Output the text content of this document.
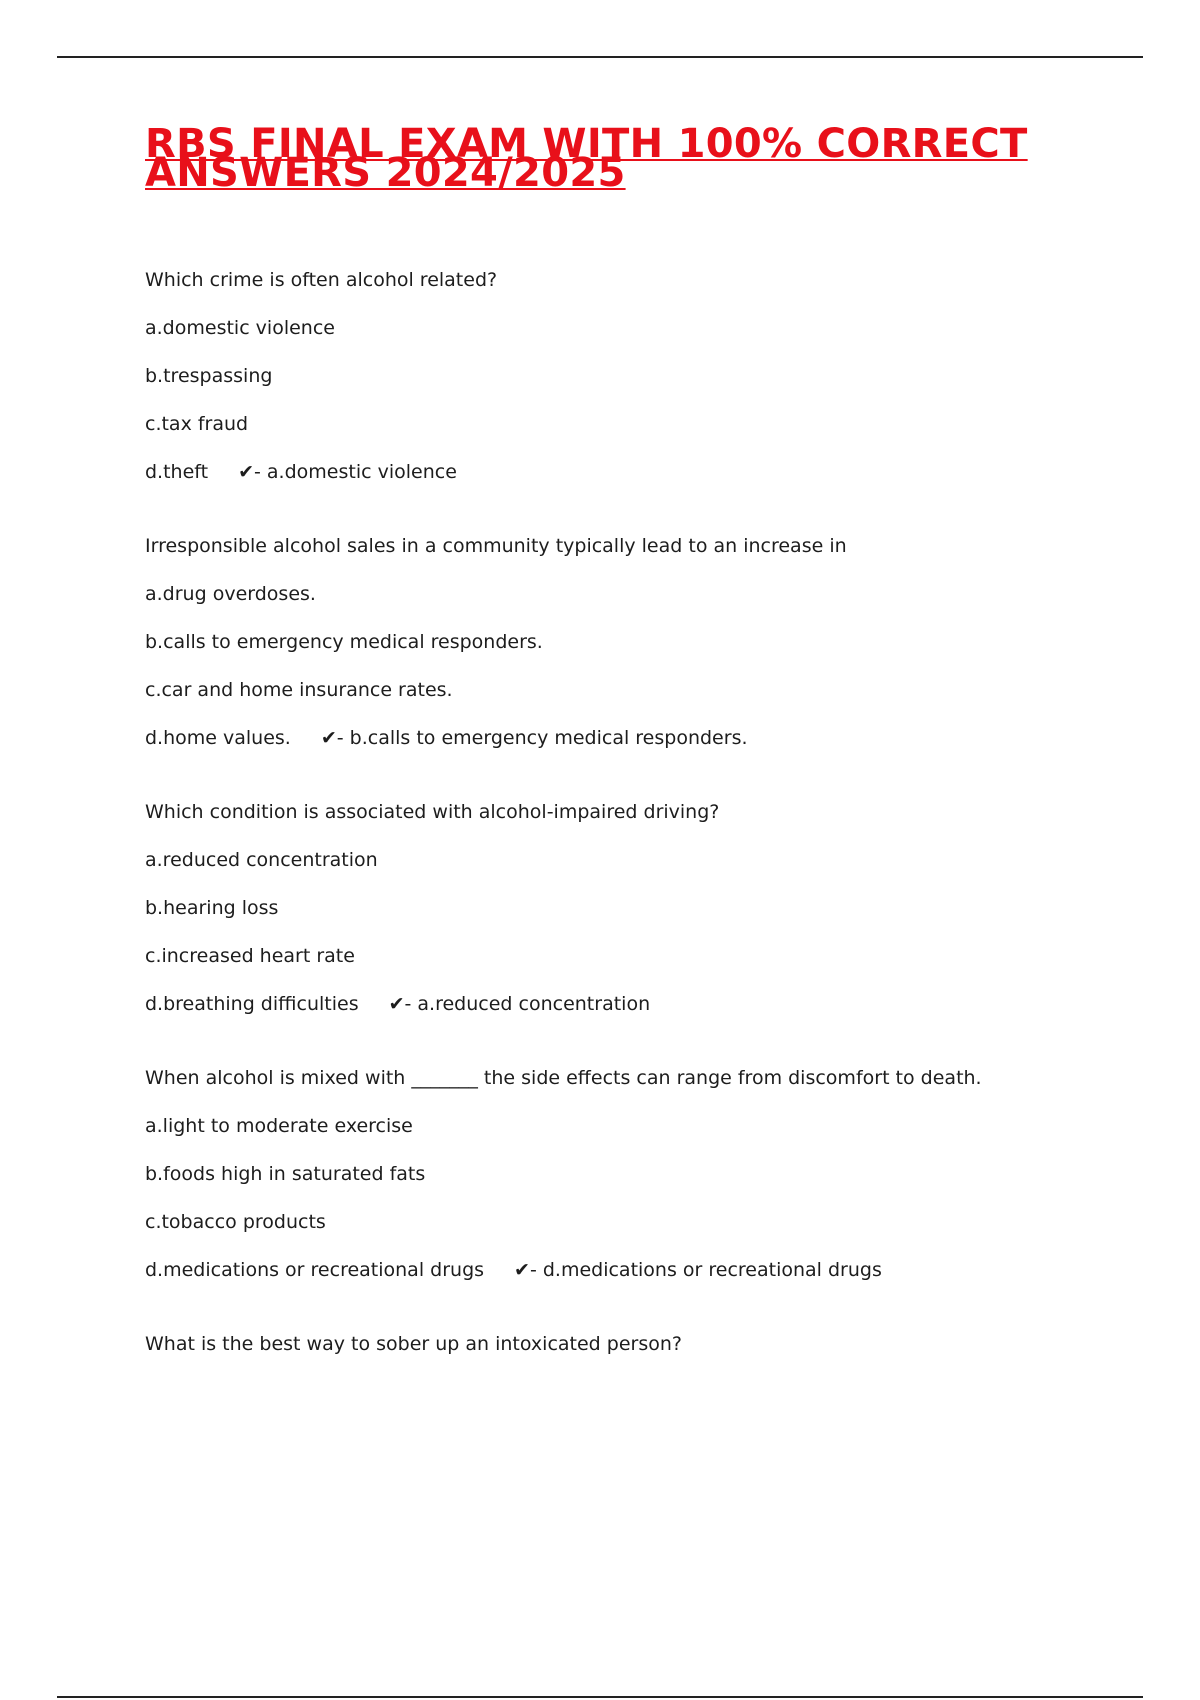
RBS FINAL EXAM WITH 100% CORRECT ANSWERS 2024/2025
Which crime is often alcohol related?
a.domestic violence
b.trespassing
c.tax fraud
d.theft ✔- a.domestic violence
Irresponsible alcohol sales in a community typically lead to an increase in
a.drug overdoses.
b.calls to emergency medical responders.
c.car and home insurance rates.
d.home values. ✔- b.calls to emergency medical responders.
Which condition is associated with alcohol-impaired driving?
a.reduced concentration
b.hearing loss
c.increased heart rate
d.breathing difficulties ✔- a.reduced concentration
When alcohol is mixed with _______ the side effects can range from discomfort to death.
a.light to moderate exercise
b.foods high in saturated fats
c.tobacco products
d.medications or recreational drugs ✔- d.medications or recreational drugs
What is the best way to sober up an intoxicated person?
